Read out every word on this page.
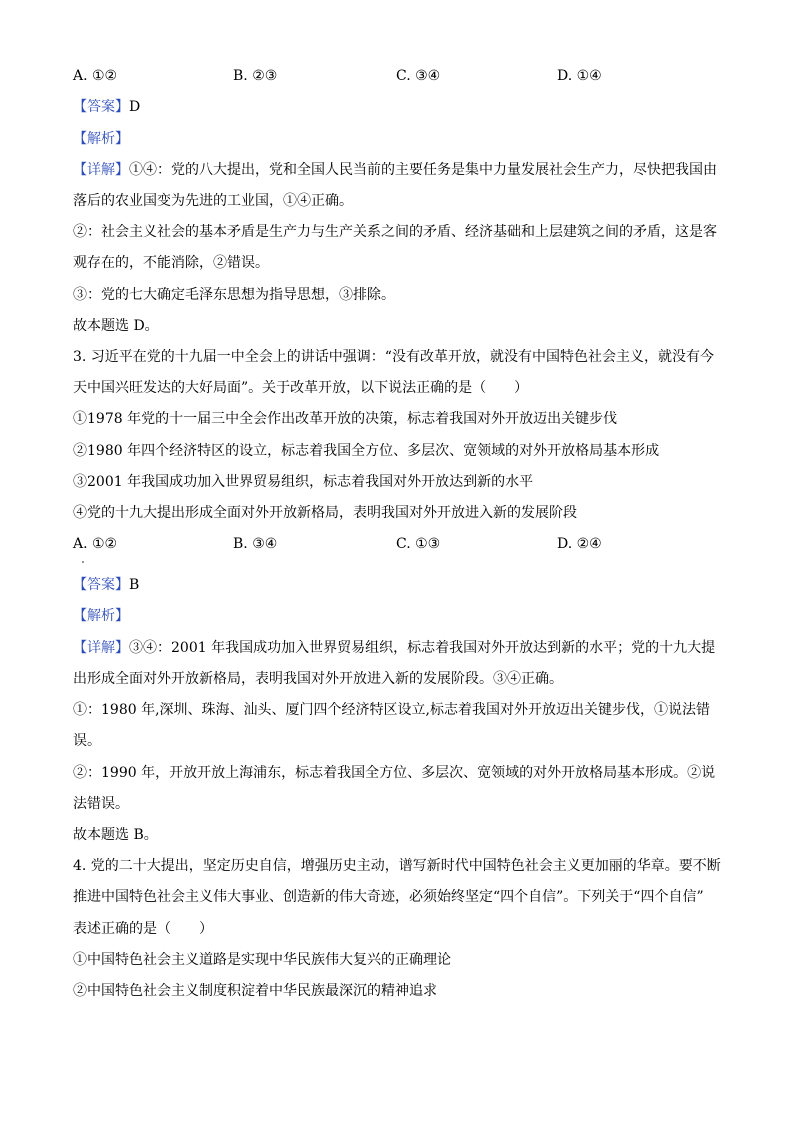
A. ①②	B. ②③	C. ③④	D. ①④
【答案】D
【解析】
【详解】①④：党的八大提出，党和全国人民当前的主要任务是集中力量发展社会生产力，尽快把我国由
落后的农业国变为先进的工业国，①④正确。
②：社会主义社会的基本矛盾是生产力与生产关系之间的矛盾、经济基础和上层建筑之间的矛盾，这是客
观存在的，不能消除，②错误。
③：党的七大确定毛泽东思想为指导思想，③排除。
故本题选 D。
3. 习近平在党的十九届一中全会上的讲话中强调：“没有改革开放，就没有中国特色社会主义，就没有今
天中国兴旺发达的大好局面”。关于改革开放，以下说法正确的是（　　）
①1978 年党的十一届三中全会作出改革开放的决策，标志着我国对外开放迈出关键步伐
②1980 年四个经济特区的设立，标志着我国全方位、多层次、宽领域的对外开放格局基本形成
③2001 年我国成功加入世界贸易组织，标志着我国对外开放达到新的水平
④党的十九大提出形成全面对外开放新格局，表明我国对外开放进入新的发展阶段
A. ①②	B. ③④	C. ①③	D. ②④
【答案】B
【解析】
【详解】③④：2001 年我国成功加入世界贸易组织，标志着我国对外开放达到新的水平；党的十九大提
出形成全面对外开放新格局，表明我国对外开放进入新的发展阶段。③④正确。
①：1980 年,深圳、珠海、汕头、厦门四个经济特区设立,标志着我国对外开放迈出关键步伐，①说法错
误。
②：1990 年，开放开放上海浦东，标志着我国全方位、多层次、宽领域的对外开放格局基本形成。②说
法错误。
故本题选 B。
4. 党的二十大提出，坚定历史自信，增强历史主动，谱写新时代中国特色社会主义更加丽的华章。要不断
推进中国特色社会主义伟大事业、创造新的伟大奇迹，必须始终坚定“四个自信”。下列关于“四个自信”
表述正确的是（　　）
①中国特色社会主义道路是实现中华民族伟大复兴的正确理论
②中国特色社会主义制度积淀着中华民族最深沉的精神追求
